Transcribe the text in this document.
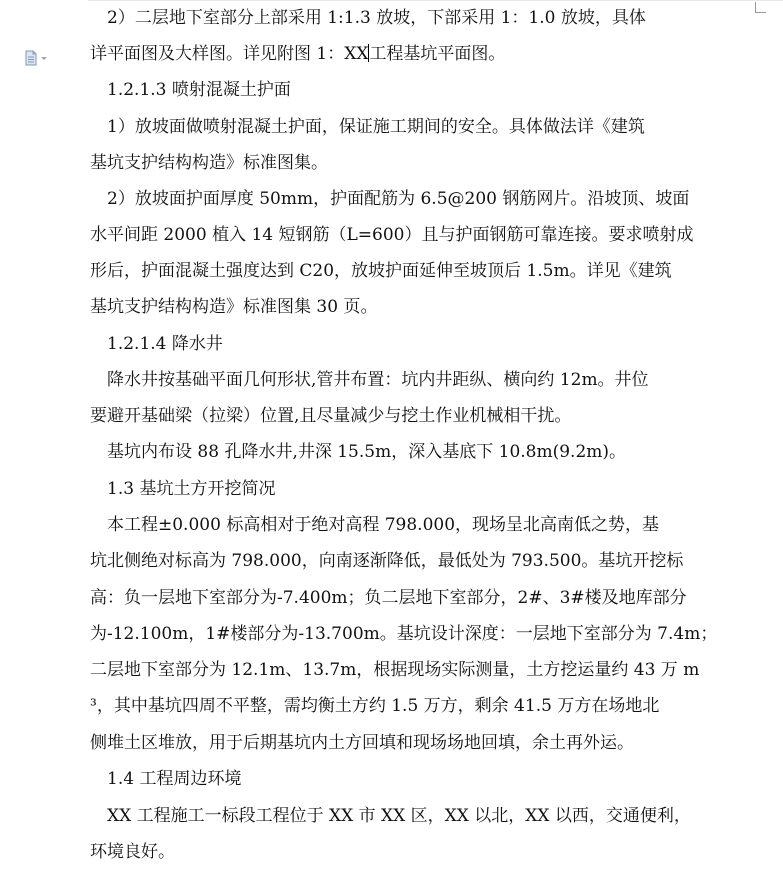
　2）二层地下室部分上部采用 1:1.3 放坡，下部采用 1：1.0 放坡，具体
详平面图及大样图。详见附图 1：XX工程基坑平面图。
　1.2.1.3 喷射混凝土护面
　1）放坡面做喷射混凝土护面，保证施工期间的安全。具体做法详《建筑
基坑支护结构构造》标准图集。
　2）放坡面护面厚度 50mm，护面配筋为 6.5@200 钢筋网片。沿坡顶、坡面
水平间距 2000 植入 14 短钢筋（L=600）且与护面钢筋可靠连接。要求喷射成
形后，护面混凝土强度达到 C20，放坡护面延伸至坡顶后 1.5m。详见《建筑
基坑支护结构构造》标准图集 30 页。
　1.2.1.4 降水井
　降水井按基础平面几何形状,管井布置：坑内井距纵、横向约 12m。井位
要避开基础梁（拉梁）位置,且尽量减少与挖土作业机械相干扰。
　基坑内布设 88 孔降水井,井深 15.5m，深入基底下 10.8m(9.2m)。
　1.3 基坑土方开挖简况
　本工程±0.000 标高相对于绝对高程 798.000，现场呈北高南低之势，基
坑北侧绝对标高为 798.000，向南逐渐降低，最低处为 793.500。基坑开挖标
高：负一层地下室部分为-7.400m；负二层地下室部分，2#、3#楼及地库部分
为-12.100m，1#楼部分为-13.700m。基坑设计深度：一层地下室部分为 7.4m；
二层地下室部分为 12.1m、13.7m，根据现场实际测量，土方挖运量约 43 万 m
³，其中基坑四周不平整，需均衡土方约 1.5 万方，剩余 41.5 万方在场地北
侧堆土区堆放，用于后期基坑内土方回填和现场场地回填，余土再外运。
　1.4 工程周边环境
　XX 工程施工一标段工程位于 XX 市 XX 区，XX 以北，XX 以西，交通便利，
环境良好。
